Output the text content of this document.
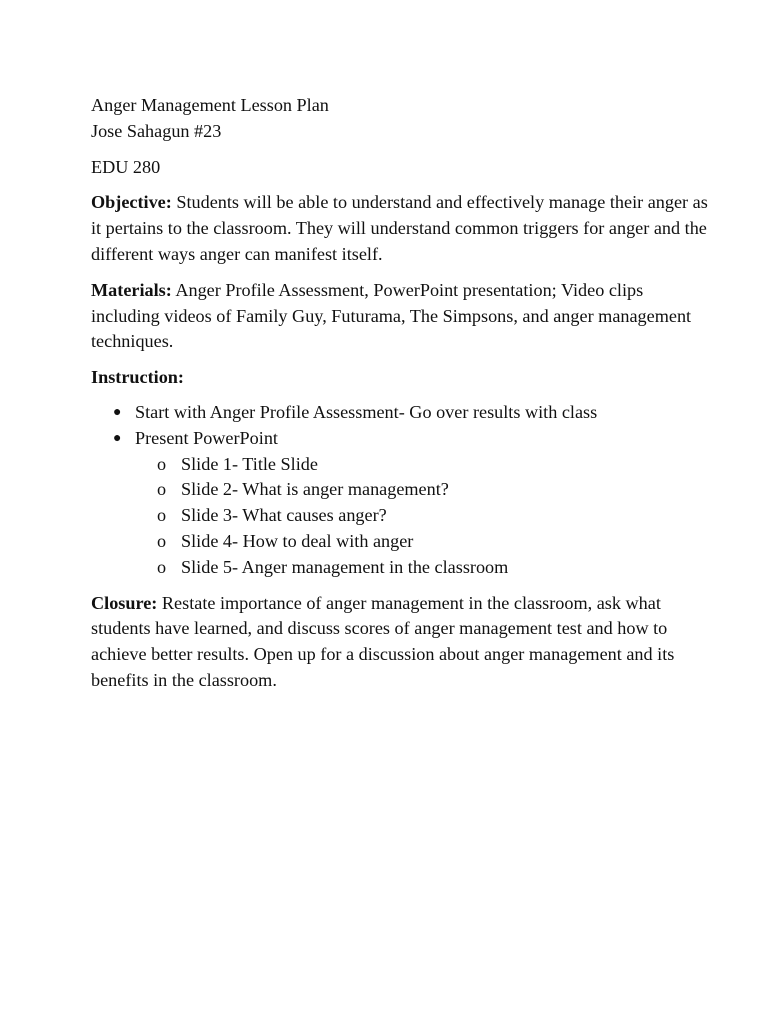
Anger Management Lesson Plan

Jose Sahagun #23

EDU 280

Objective: Students will be able to understand and effectively manage their anger as it pertains to the classroom. They will understand common triggers for anger and the different ways anger can manifest itself.

Materials: Anger Profile Assessment, PowerPoint presentation; Video clips including videos of Family Guy, Futurama, The Simpsons, and anger management techniques.

Instruction:

● Start with Anger Profile Assessment- Go over results with class
● Present PowerPoint
o Slide 1- Title Slide
o Slide 2- What is anger management?
o Slide 3- What causes anger?
o Slide 4- How to deal with anger
o Slide 5- Anger management in the classroom

Closure: Restate importance of anger management in the classroom, ask what students have learned, and discuss scores of anger management test and how to achieve better results. Open up for a discussion about anger management and its benefits in the classroom.
